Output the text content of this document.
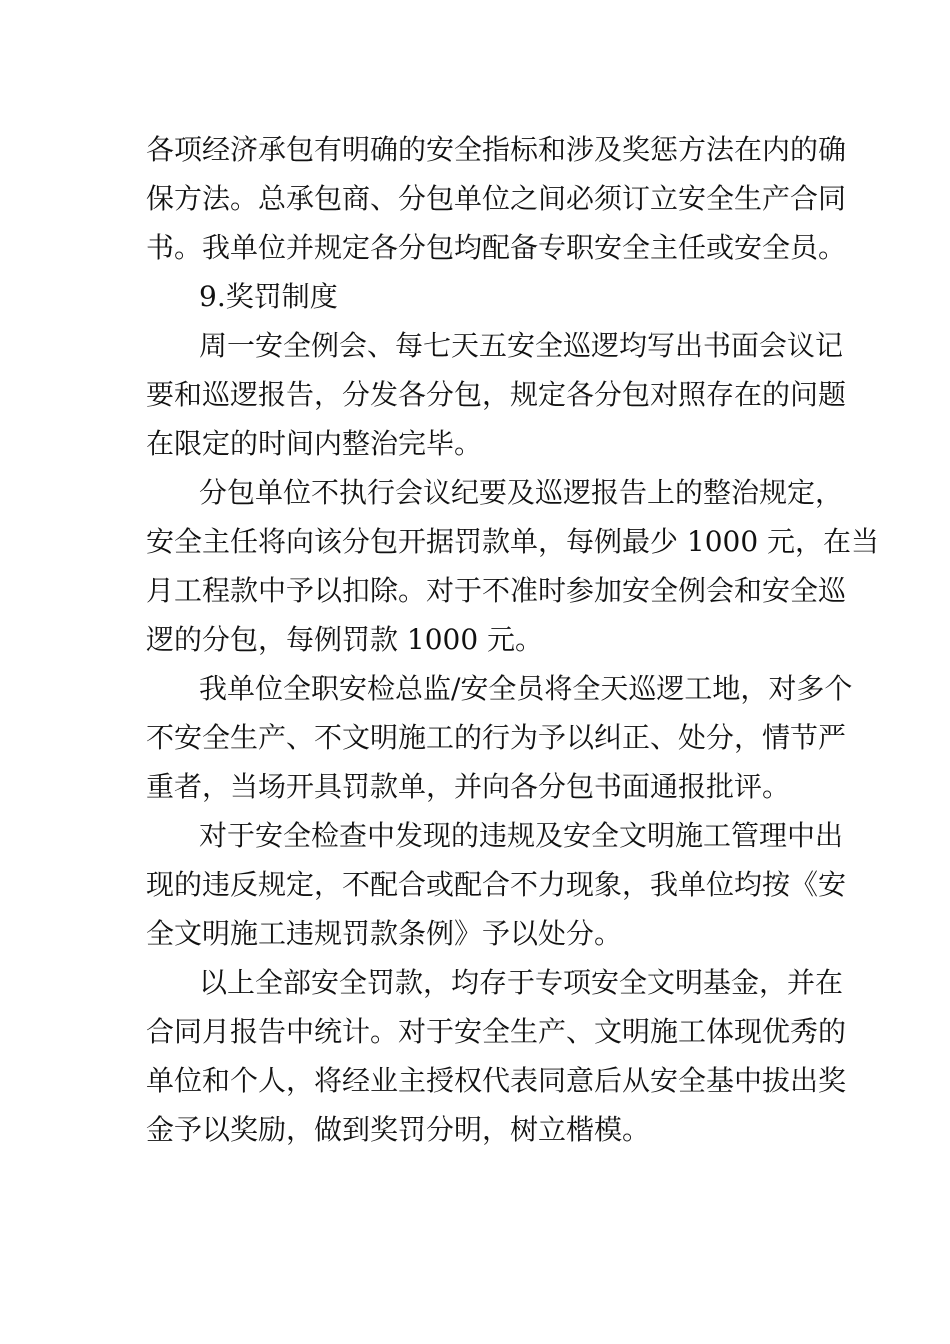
各项经济承包有明确的安全指标和涉及奖惩方法在内的确
保方法。总承包商、分包单位之间必须订立安全生产合同
书。我单位并规定各分包均配备专职安全主任或安全员。
9.奖罚制度
周一安全例会、每七天五安全巡逻均写出书面会议记
要和巡逻报告，分发各分包，规定各分包对照存在的问题
在限定的时间内整治完毕。
分包单位不执行会议纪要及巡逻报告上的整治规定，
安全主任将向该分包开据罚款单，每例最少 1000 元，在当
月工程款中予以扣除。对于不准时参加安全例会和安全巡
逻的分包，每例罚款 1000 元。
我单位全职安检总监/安全员将全天巡逻工地，对多个
不安全生产、不文明施工的行为予以纠正、处分，情节严
重者，当场开具罚款单，并向各分包书面通报批评。
对于安全检查中发现的违规及安全文明施工管理中出
现的违反规定，不配合或配合不力现象，我单位均按《安
全文明施工违规罚款条例》予以处分。
以上全部安全罚款，均存于专项安全文明基金，并在
合同月报告中统计。对于安全生产、文明施工体现优秀的
单位和个人，将经业主授权代表同意后从安全基中拔出奖
金予以奖励，做到奖罚分明，树立楷模。
